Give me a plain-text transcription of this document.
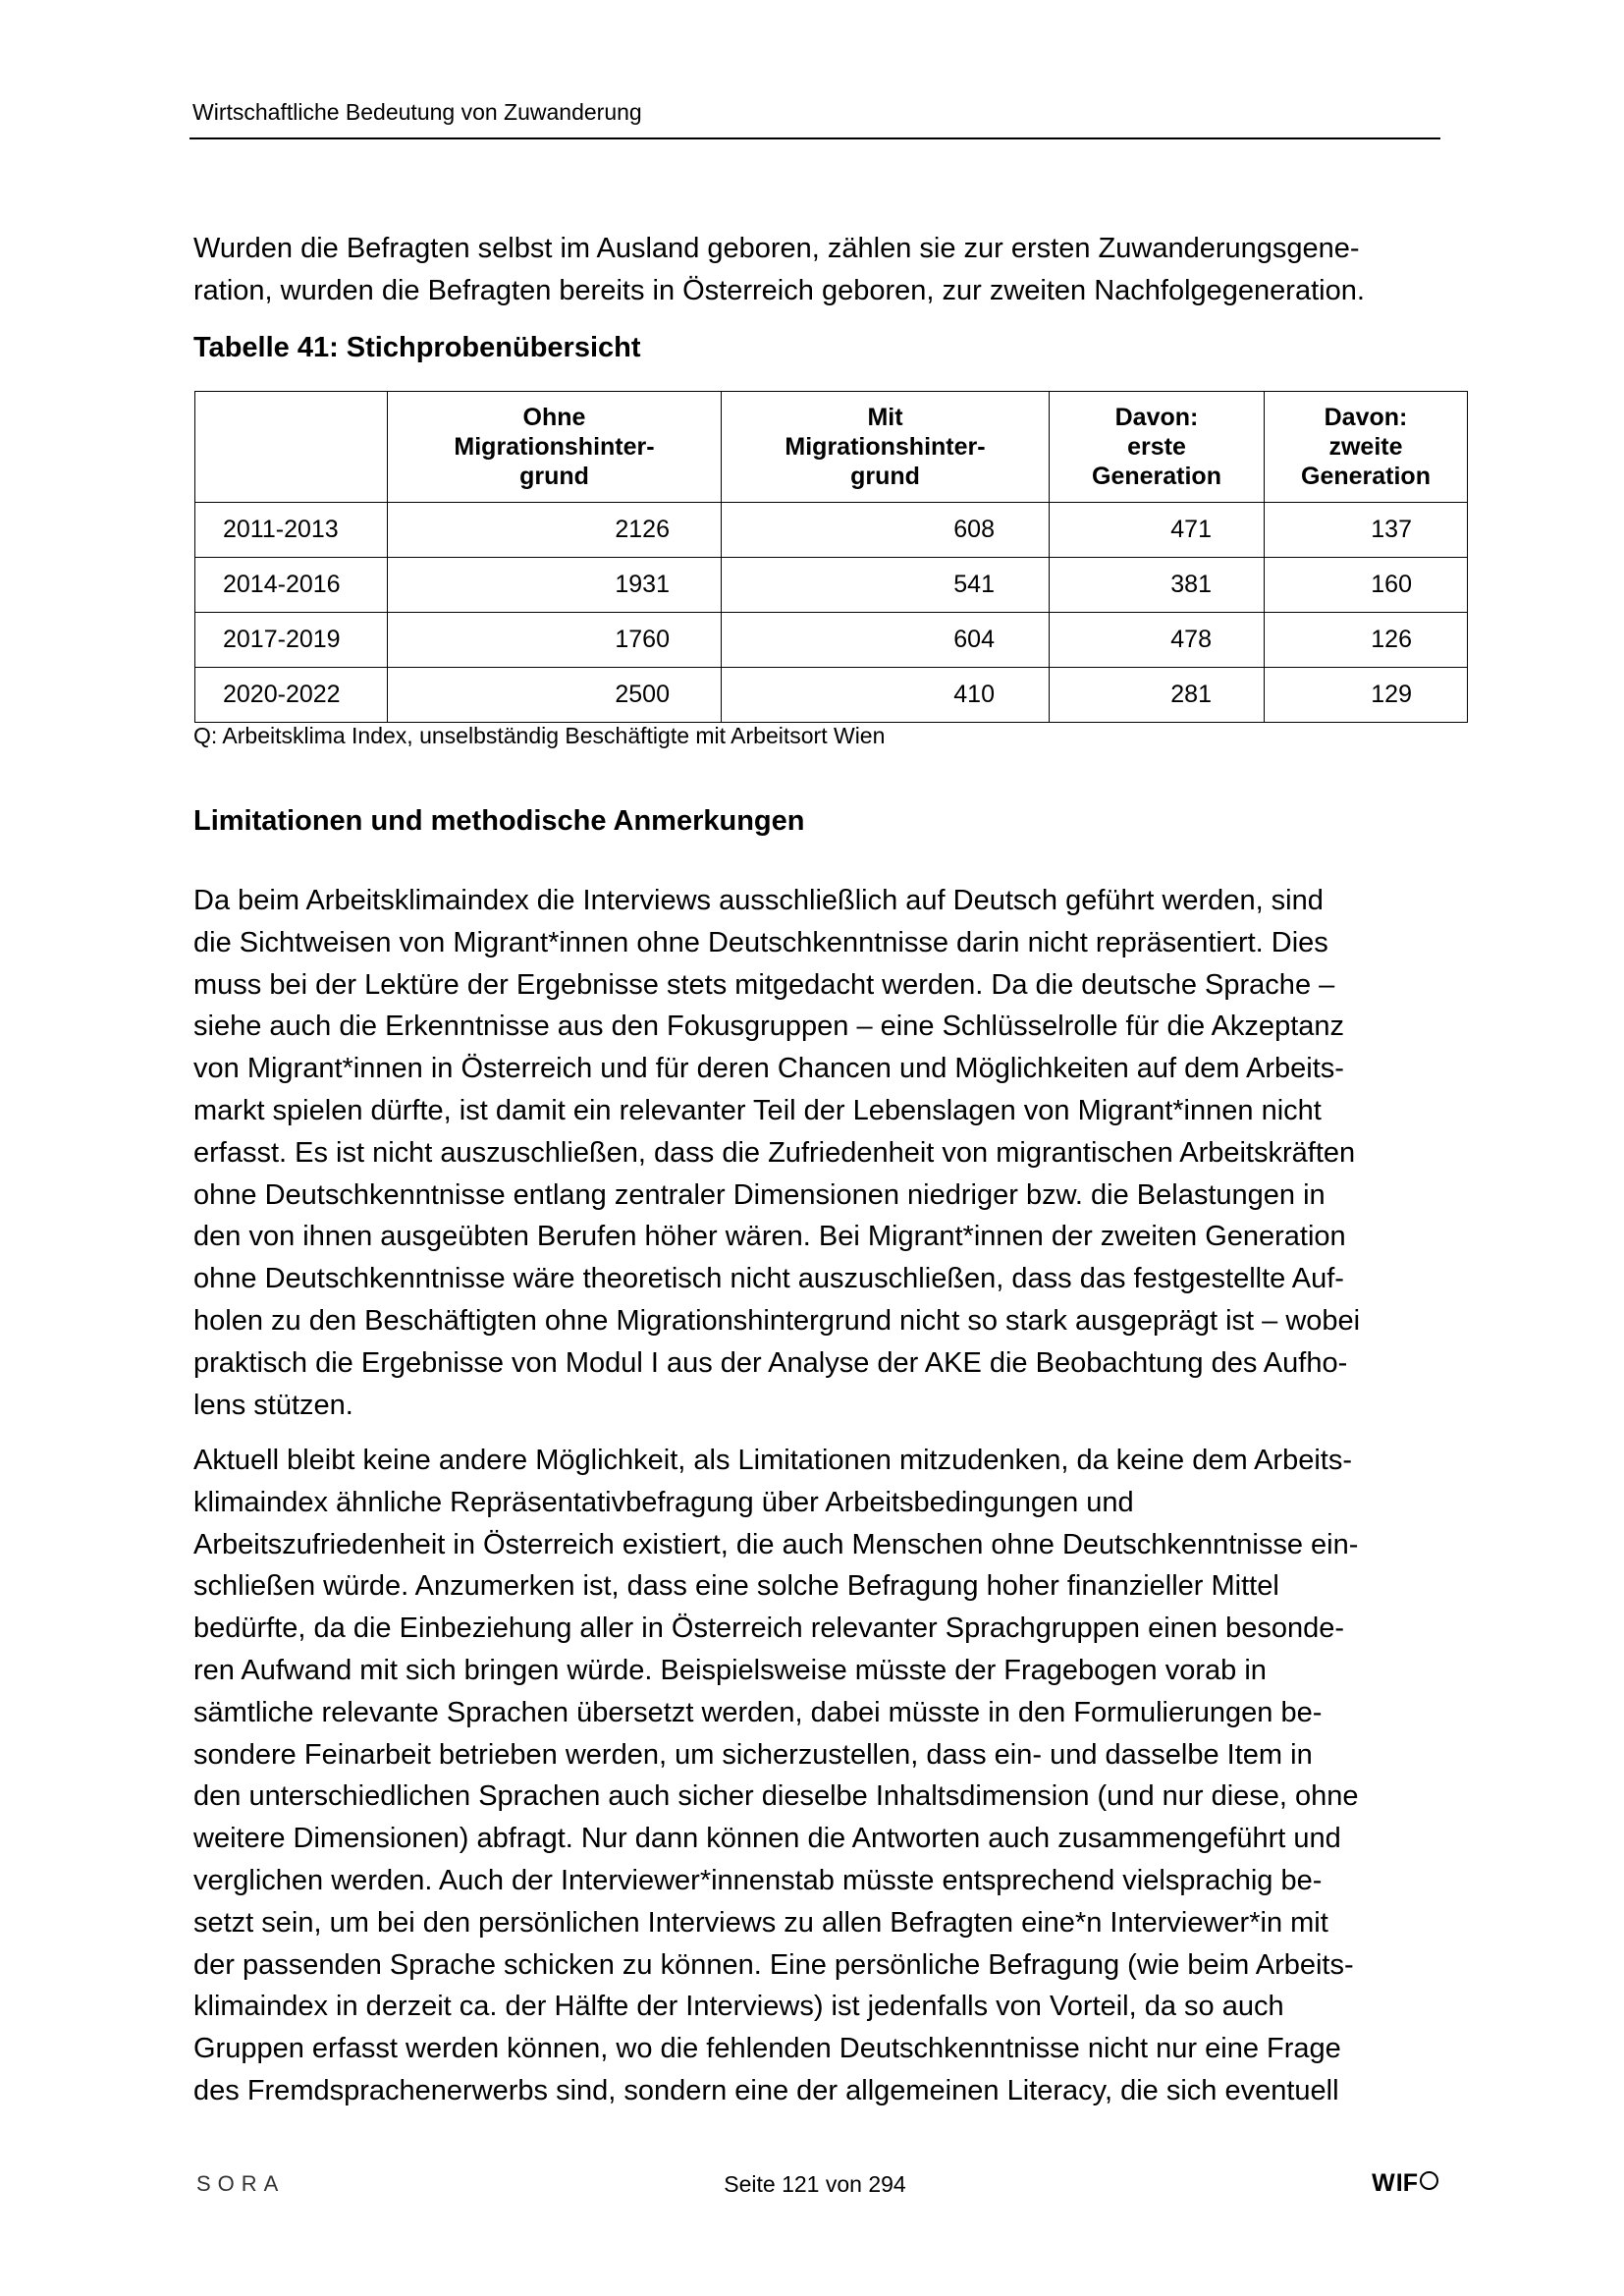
Wirtschaftliche Bedeutung von Zuwanderung

Wurden die Befragten selbst im Ausland geboren, zählen sie zur ersten Zuwanderungsgene-
ration, wurden die Befragten bereits in Österreich geboren, zur zweiten Nachfolgegeneration.

Tabelle 41: Stichprobenübersicht

	Ohne
Migrationshinter-
grund	Mit
Migrationshinter-
grund	Davon:
erste
Generation	Davon:
zweite
Generation

2011-2013	2126	608	471	137
2014-2016	1931	541	381	160
2017-2019	1760	604	478	126
2020-2022	2500	410	281	129
Q: Arbeitsklima Index, unselbständig Beschäftigte mit Arbeitsort Wien
Limitationen und methodische Anmerkungen

Da beim Arbeitsklimaindex die Interviews ausschließlich auf Deutsch geführt werden, sind
die Sichtweisen von Migrant*innen ohne Deutschkenntnisse darin nicht repräsentiert. Dies
muss bei der Lektüre der Ergebnisse stets mitgedacht werden. Da die deutsche Sprache –
siehe auch die Erkenntnisse aus den Fokusgruppen – eine Schlüsselrolle für die Akzeptanz
von Migrant*innen in Österreich und für deren Chancen und Möglichkeiten auf dem Arbeits-
markt spielen dürfte, ist damit ein relevanter Teil der Lebenslagen von Migrant*innen nicht
erfasst. Es ist nicht auszuschließen, dass die Zufriedenheit von migrantischen Arbeitskräften
ohne Deutschkenntnisse entlang zentraler Dimensionen niedriger bzw. die Belastungen in
den von ihnen ausgeübten Berufen höher wären. Bei Migrant*innen der zweiten Generation
ohne Deutschkenntnisse wäre theoretisch nicht auszuschließen, dass das festgestellte Auf-
holen zu den Beschäftigten ohne Migrationshintergrund nicht so stark ausgeprägt ist – wobei
praktisch die Ergebnisse von Modul I aus der Analyse der AKE die Beobachtung des Aufho-
lens stützen.

Aktuell bleibt keine andere Möglichkeit, als Limitationen mitzudenken, da keine dem Arbeits-
klimaindex ähnliche Repräsentativbefragung über Arbeitsbedingungen und
Arbeitszufriedenheit in Österreich existiert, die auch Menschen ohne Deutschkenntnisse ein-
schließen würde. Anzumerken ist, dass eine solche Befragung hoher finanzieller Mittel
bedürfte, da die Einbeziehung aller in Österreich relevanter Sprachgruppen einen besonde-
ren Aufwand mit sich bringen würde. Beispielsweise müsste der Fragebogen vorab in
sämtliche relevante Sprachen übersetzt werden, dabei müsste in den Formulierungen be-
sondere Feinarbeit betrieben werden, um sicherzustellen, dass ein- und dasselbe Item in
den unterschiedlichen Sprachen auch sicher dieselbe Inhaltsdimension (und nur diese, ohne
weitere Dimensionen) abfragt. Nur dann können die Antworten auch zusammengeführt und
verglichen werden. Auch der Interviewer*innenstab müsste entsprechend vielsprachig be-
setzt sein, um bei den persönlichen Interviews zu allen Befragten eine*n Interviewer*in mit
der passenden Sprache schicken zu können. Eine persönliche Befragung (wie beim Arbeits-
klimaindex in derzeit ca. der Hälfte der Interviews) ist jedenfalls von Vorteil, da so auch
Gruppen erfasst werden können, wo die fehlenden Deutschkenntnisse nicht nur eine Frage
des Fremdsprachenerwerbs sind, sondern eine der allgemeinen Literacy, die sich eventuell

SORA	Seite 121 von 294	WIF
